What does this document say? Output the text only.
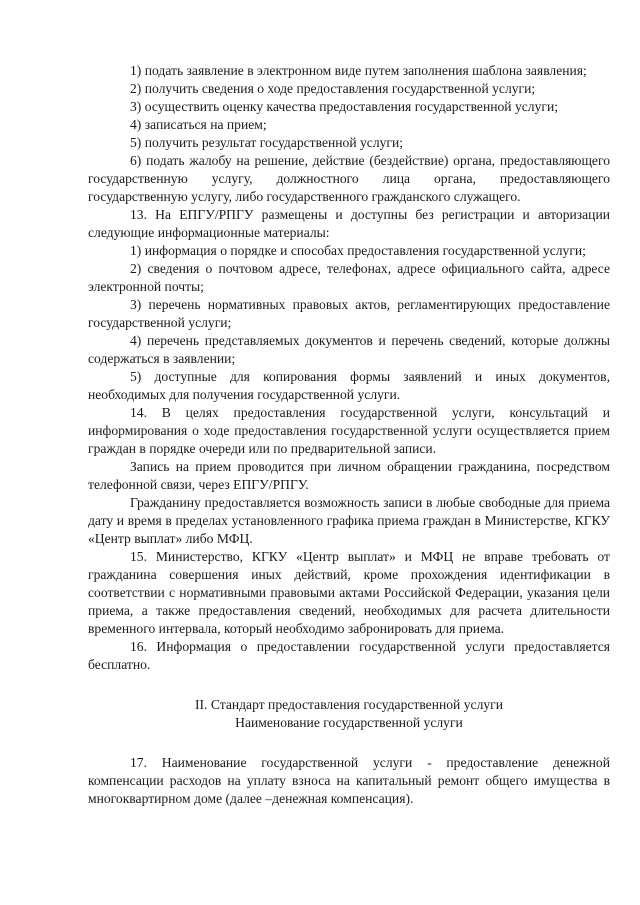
1) подать заявление в электронном виде путем заполнения шаблона заявления;

2) получить сведения о ходе предоставления государственной услуги;

3) осуществить оценку качества предоставления государственной услуги;

4) записаться на прием;

5) получить результат государственной услуги;

6) подать жалобу на решение, действие (бездействие) органа, предоставляющего государственную услугу, должностного лица органа, предоставляющего государственную услугу, либо государственного гражданского служащего.

13. На ЕПГУ/РПГУ размещены и доступны без регистрации и авторизации следующие информационные материалы:

1) информация о порядке и способах предоставления государственной услуги;

2) сведения о почтовом адресе, телефонах, адресе официального сайта, адресе электронной почты;

3) перечень нормативных правовых актов, регламентирующих предоставление государственной услуги;

4) перечень представляемых документов и перечень сведений, которые должны содержаться в заявлении;

5) доступные для копирования формы заявлений и иных документов, необходимых для получения государственной услуги.

14. В целях предоставления государственной услуги, консультаций и информирования о ходе предоставления государственной услуги осуществляется прием граждан в порядке очереди или по предварительной записи.

Запись на прием проводится при личном обращении гражданина, посредством телефонной связи, через ЕПГУ/РПГУ.

Гражданину предоставляется возможность записи в любые свободные для приема дату и время в пределах установленного графика приема граждан в Министерстве, КГКУ «Центр выплат» либо МФЦ.

15. Министерство, КГКУ «Центр выплат» и МФЦ не вправе требовать от гражданина совершения иных действий, кроме прохождения идентификации в соответствии с нормативными правовыми актами Российской Федерации, указания цели приема, а также предоставления сведений, необходимых для расчета длительности временного интервала, который необходимо забронировать для приема.

16. Информация о предоставлении государственной услуги предоставляется бесплатно.

II. Стандарт предоставления государственной услуги

Наименование государственной услуги

17. Наименование государственной услуги - предоставление денежной компенсации расходов на уплату взноса на капитальный ремонт общего имущества в многоквартирном доме (далее –денежная компенсация).
